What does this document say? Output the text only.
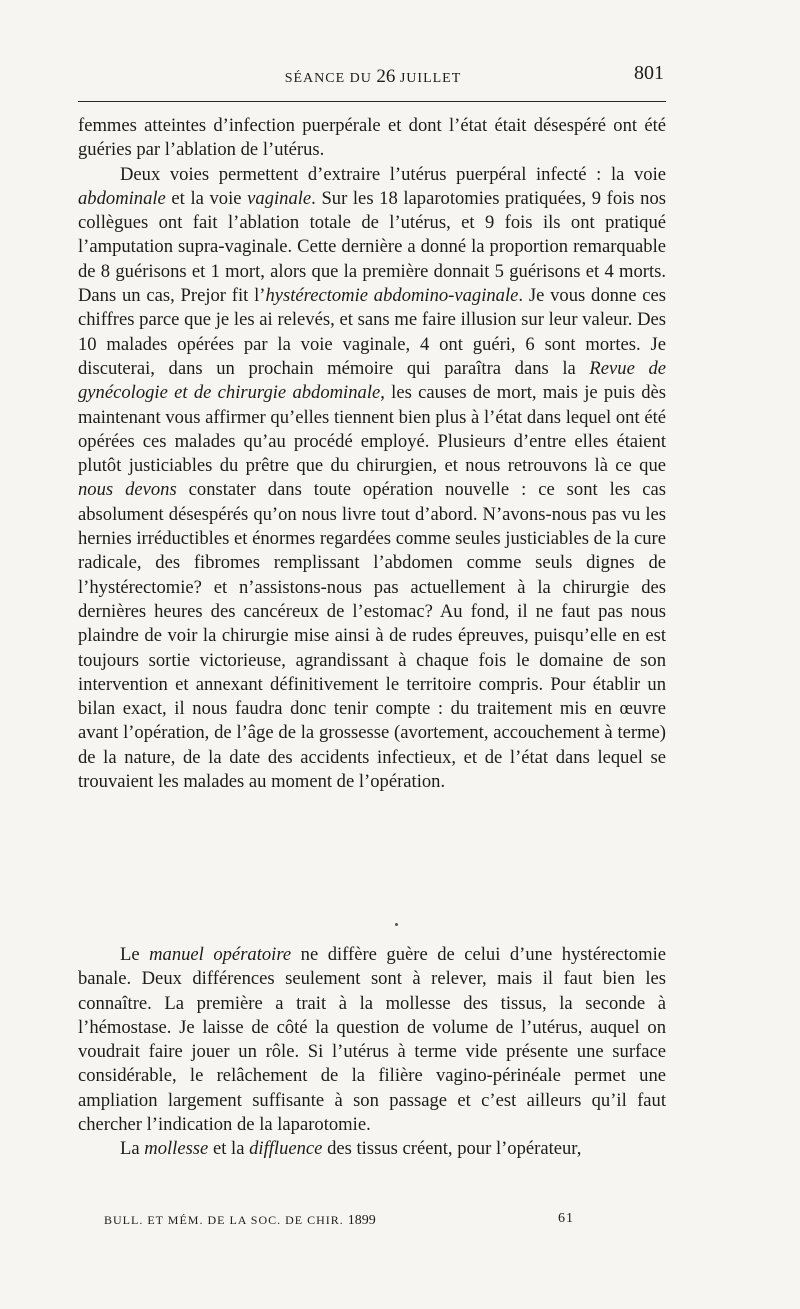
SÉANCE DU 26 JUILLET	801

femmes atteintes d’infection puerpérale et dont l’état était désespéré ont été guéries par l’ablation de l’utérus.

Deux voies permettent d’extraire l’utérus puerpéral infecté : la voie abdominale et la voie vaginale. Sur les 18 laparotomies pratiquées, 9 fois nos collègues ont fait l’ablation totale de l’utérus, et 9 fois ils ont pratiqué l’amputation supra-vaginale. Cette dernière a donné la proportion remarquable de 8 guérisons et 1 mort, alors que la première donnait 5 guérisons et 4 morts. Dans un cas, Prejor fit l’hystérectomie abdomino-vaginale. Je vous donne ces chiffres parce que je les ai relevés, et sans me faire illusion sur leur valeur. Des 10 malades opérées par la voie vaginale, 4 ont guéri, 6 sont mortes. Je discuterai, dans un prochain mémoire qui paraîtra dans la Revue de gynécologie et de chirurgie abdominale, les causes de mort, mais je puis dès maintenant vous affirmer qu’elles tiennent bien plus à l’état dans lequel ont été opérées ces malades qu’au procédé employé. Plusieurs d’entre elles étaient plutôt justiciables du prêtre que du chirurgien, et nous retrouvons là ce que nous devons constater dans toute opération nouvelle : ce sont les cas absolument désespérés qu’on nous livre tout d’abord. N’avons-nous pas vu les hernies irréductibles et énormes regardées comme seules justiciables de la cure radicale, des fibromes remplissant l’abdomen comme seuls dignes de l’hystérectomie? et n’assistons-nous pas actuellement à la chirurgie des dernières heures des cancéreux de l’estomac? Au fond, il ne faut pas nous plaindre de voir la chirurgie mise ainsi à de rudes épreuves, puisqu’elle en est toujours sortie victorieuse, agrandissant à chaque fois le domaine de son intervention et annexant définitivement le territoire compris. Pour établir un bilan exact, il nous faudra donc tenir compte : du traitement mis en œuvre avant l’opération, de l’âge de la grossesse (avortement, accouchement à terme) de la nature, de la date des accidents infectieux, et de l’état dans lequel se trouvaient les malades au moment de l’opération.

Le manuel opératoire ne diffère guère de celui d’une hystérectomie banale. Deux différences seulement sont à relever, mais il faut bien les connaître. La première a trait à la mollesse des tissus, la seconde à l’hémostase. Je laisse de côté la question de volume de l’utérus, auquel on voudrait faire jouer un rôle. Si l’utérus à terme vide présente une surface considérable, le relâchement de la filière vagino-périnéale permet une ampliation largement suffisante à son passage et c’est ailleurs qu’il faut chercher l’indication de la laparotomie.

La mollesse et la diffluence des tissus créent, pour l’opérateur,

BULL. ET MÉM. DE LA SOC. DE CHIR. 1899	61
